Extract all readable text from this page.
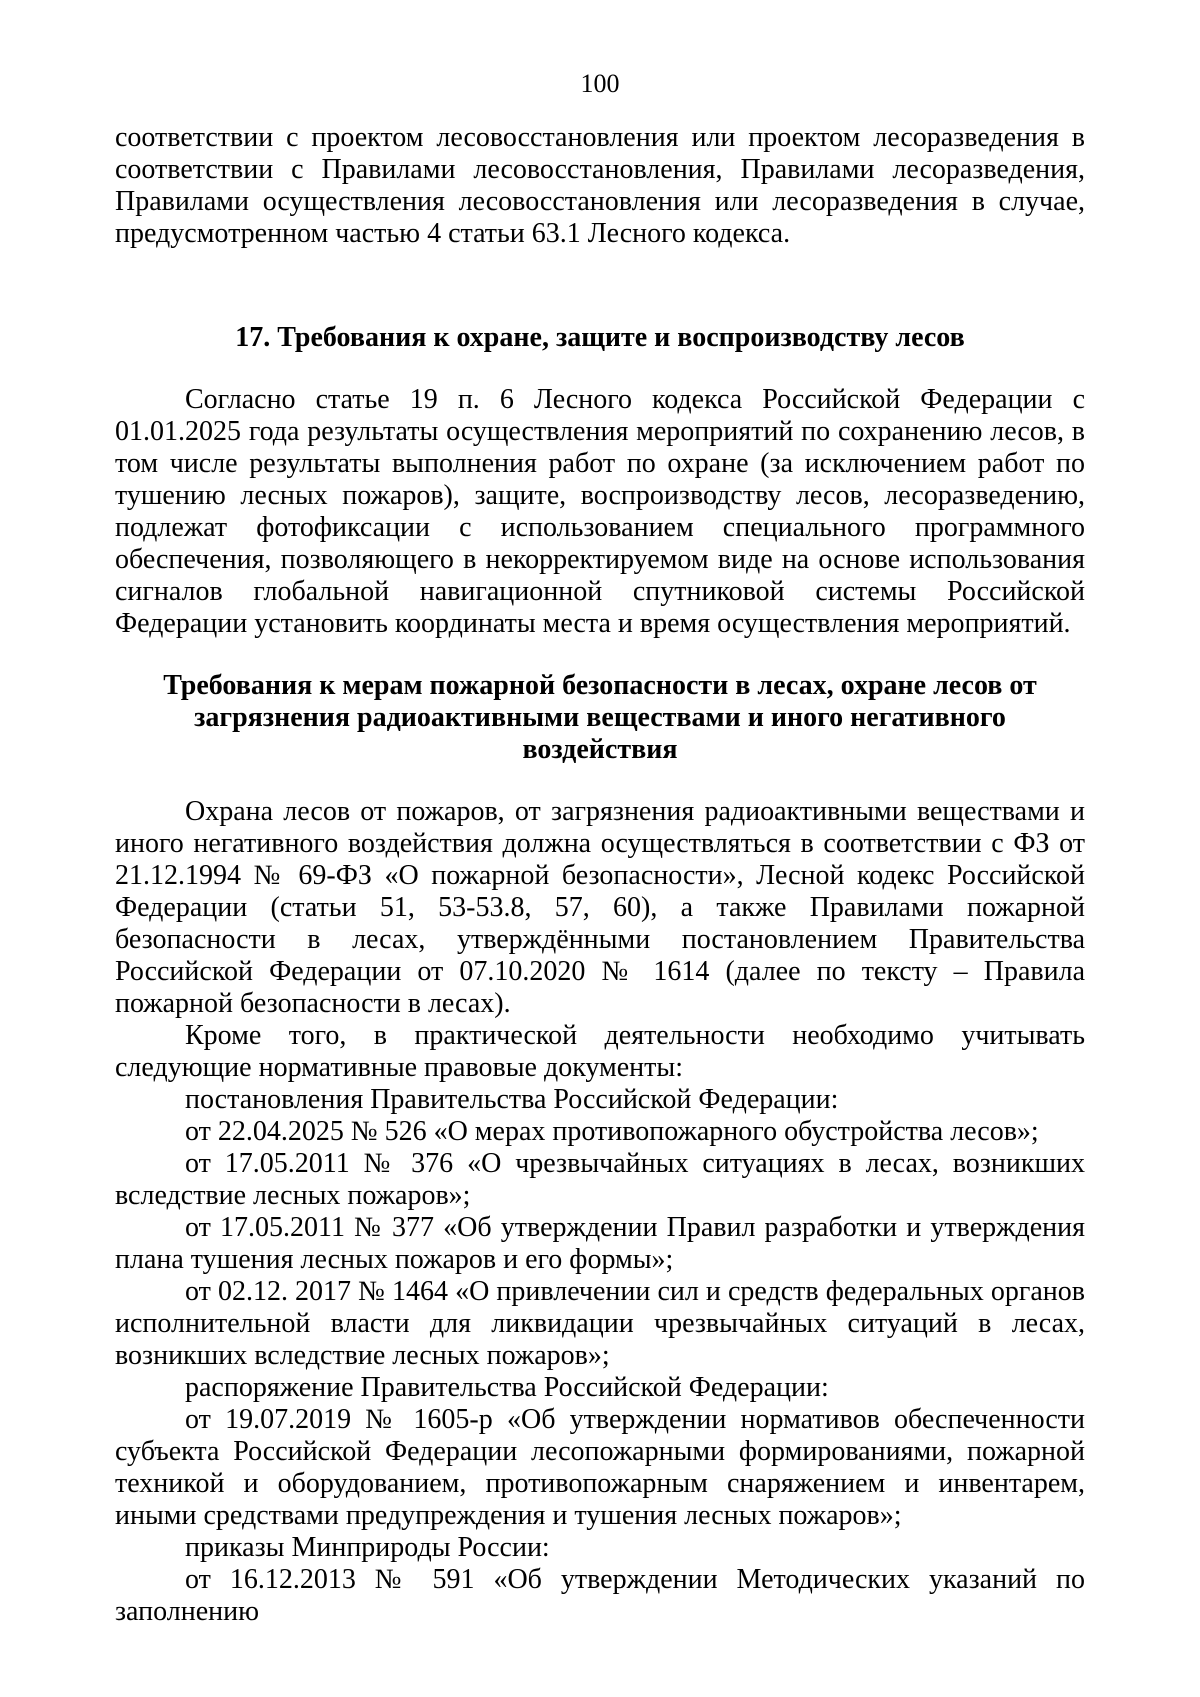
100

соответствии с проектом лесовосстановления или проектом лесоразведения в соответствии с Правилами лесовосстановления, Правилами лесоразведения, Правилами осуществления лесовосстановления или лесоразведения в случае, предусмотренном частью 4 статьи 63.1 Лесного кодекса.

17. Требования к охране, защите и воспроизводству лесов

Согласно статье 19 п. 6 Лесного кодекса Российской Федерации с 01.01.2025 года результаты осуществления мероприятий по сохранению лесов, в том числе результаты выполнения работ по охране (за исключением работ по тушению лесных пожаров), защите, воспроизводству лесов, лесоразведению, подлежат фотофиксации с использованием специального программного обеспечения, позволяющего в некорректируемом виде на основе использования сигналов глобальной навигационной спутниковой системы Российской Федерации установить координаты места и время осуществления мероприятий.

Требования к мерам пожарной безопасности в лесах, охране лесов от
загрязнения радиоактивными веществами и иного негативного воздействия

Охрана лесов от пожаров, от загрязнения радиоактивными веществами и иного негативного воздействия должна осуществляться в соответствии с ФЗ от 21.12.1994 № 69-ФЗ «О пожарной безопасности», Лесной кодекс Российской Федерации (статьи 51, 53-53.8, 57, 60), а также Правилами пожарной безопасности в лесах, утверждёнными постановлением Правительства Российской Федерации от 07.10.2020 № 1614 (далее по тексту – Правила пожарной безопасности в лесах).

Кроме того, в практической деятельности необходимо учитывать следующие нормативные правовые документы:

постановления Правительства Российской Федерации:

от 22.04.2025 № 526 «О мерах противопожарного обустройства лесов»;

от 17.05.2011 № 376 «О чрезвычайных ситуациях в лесах, возникших вследствие лесных пожаров»;

от 17.05.2011 № 377 «Об утверждении Правил разработки и утверждения плана тушения лесных пожаров и его формы»;

от 02.12. 2017 № 1464 «О привлечении сил и средств федеральных органов исполнительной власти для ликвидации чрезвычайных ситуаций в лесах, возникших вследствие лесных пожаров»;

распоряжение Правительства Российской Федерации:

от 19.07.2019 № 1605-р «Об утверждении нормативов обеспеченности субъекта Российской Федерации лесопожарными формированиями, пожарной техникой и оборудованием, противопожарным снаряжением и инвентарем, иными средствами предупреждения и тушения лесных пожаров»;

приказы Минприроды России:

от 16.12.2013 № 591 «Об утверждении Методических указаний по заполнению
